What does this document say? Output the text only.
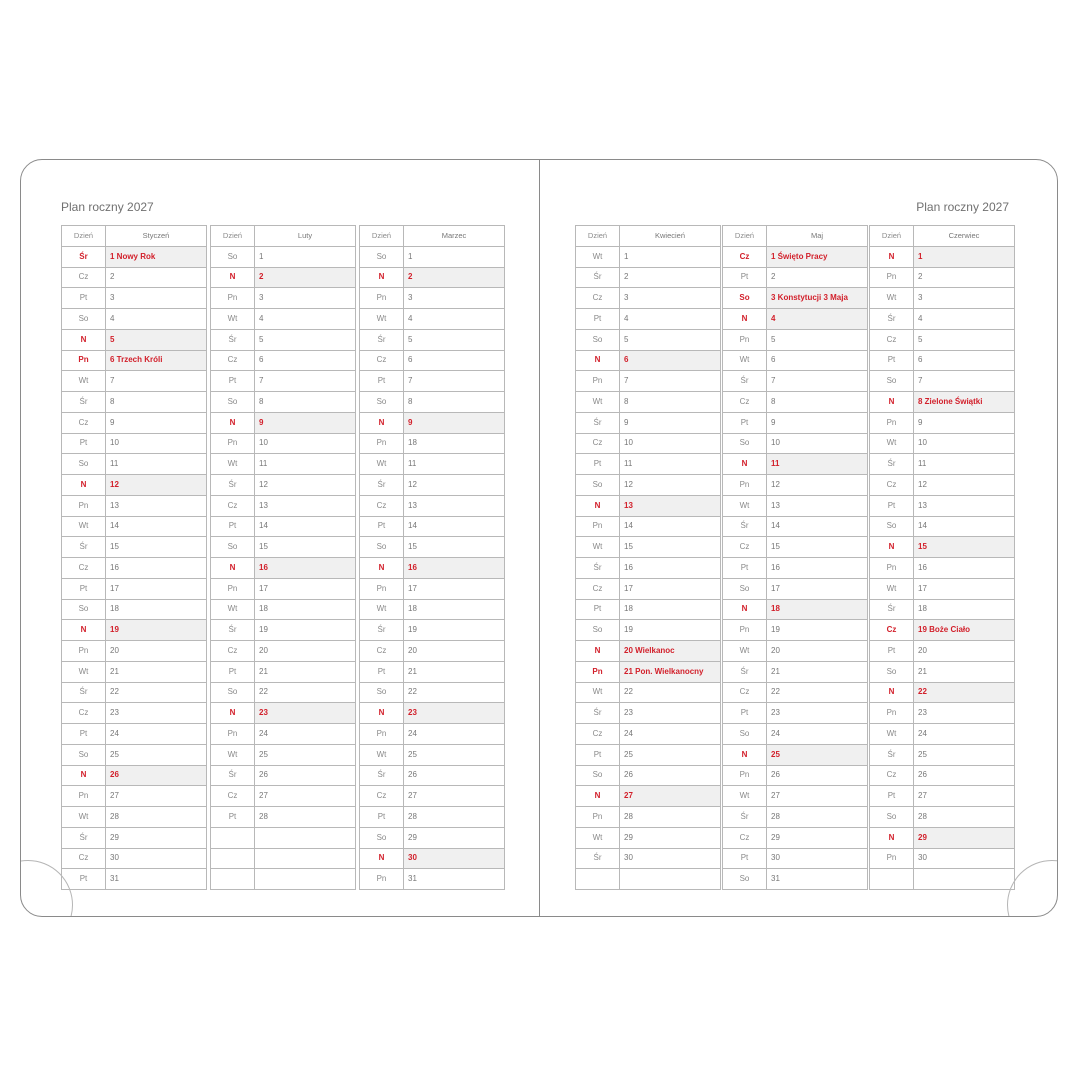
Plan roczny 2027	Plan roczny 2027
Dzień	Styczeń
Śr	1 Nowy Rok
Cz	2
Pt	3
So	4
N	5
Pn	6 Trzech Króli
Wt	7
Śr	8
Cz	9
Pt	10
So	11
N	12
Pn	13
Wt	14
Śr	15
Cz	16
Pt	17
So	18
N	19
Pn	20
Wt	21
Śr	22
Cz	23
Pt	24
So	25
N	26
Pn	27
Wt	28
Śr	29
Cz	30
Pt	31
Dzień	Luty
So	1
N	2
Pn	3
Wt	4
Śr	5
Cz	6
Pt	7
So	8
N	9
Pn	10
Wt	11
Śr	12
Cz	13
Pt	14
So	15
N	16
Pn	17
Wt	18
Śr	19
Cz	20
Pt	21
So	22
N	23
Pn	24
Wt	25
Śr	26
Cz	27
Pt	28

Dzień	Marzec
So	1
N	2
Pn	3
Wt	4
Śr	5
Cz	6
Pt	7
So	8
N	9
Pn	18
Wt	11
Śr	12
Cz	13
Pt	14
So	15
N	16
Pn	17
Wt	18
Śr	19
Cz	20
Pt	21
So	22
N	23
Pn	24
Wt	25
Śr	26
Cz	27
Pt	28
So	29
N	30
Pn	31
Dzień	Kwiecień
Wt	1
Śr	2
Cz	3
Pt	4
So	5
N	6
Pn	7
Wt	8
Śr	9
Cz	10
Pt	11
So	12
N	13
Pn	14
Wt	15
Śr	16
Cz	17
Pt	18
So	19
N	20 Wielkanoc
Pn	21 Pon. Wielkanocny
Wt	22
Śr	23
Cz	24
Pt	25
So	26
N	27
Pn	28
Wt	29
Śr	30

Dzień	Maj
Cz	1 Święto Pracy
Pt	2
So	3 Konstytucji 3 Maja
N	4
Pn	5
Wt	6
Śr	7
Cz	8
Pt	9
So	10
N	11
Pn	12
Wt	13
Śr	14
Cz	15
Pt	16
So	17
N	18
Pn	19
Wt	20
Śr	21
Cz	22
Pt	23
So	24
N	25
Pn	26
Wt	27
Śr	28
Cz	29
Pt	30
So	31
Dzień	Czerwiec
N	1
Pn	2
Wt	3
Śr	4
Cz	5
Pt	6
So	7
N	8 Zielone Świątki
Pn	9
Wt	10
Śr	11
Cz	12
Pt	13
So	14
N	15
Pn	16
Wt	17
Śr	18
Cz	19 Boże Ciało
Pt	20
So	21
N	22
Pn	23
Wt	24
Śr	25
Cz	26
Pt	27
So	28
N	29
Pn	30
